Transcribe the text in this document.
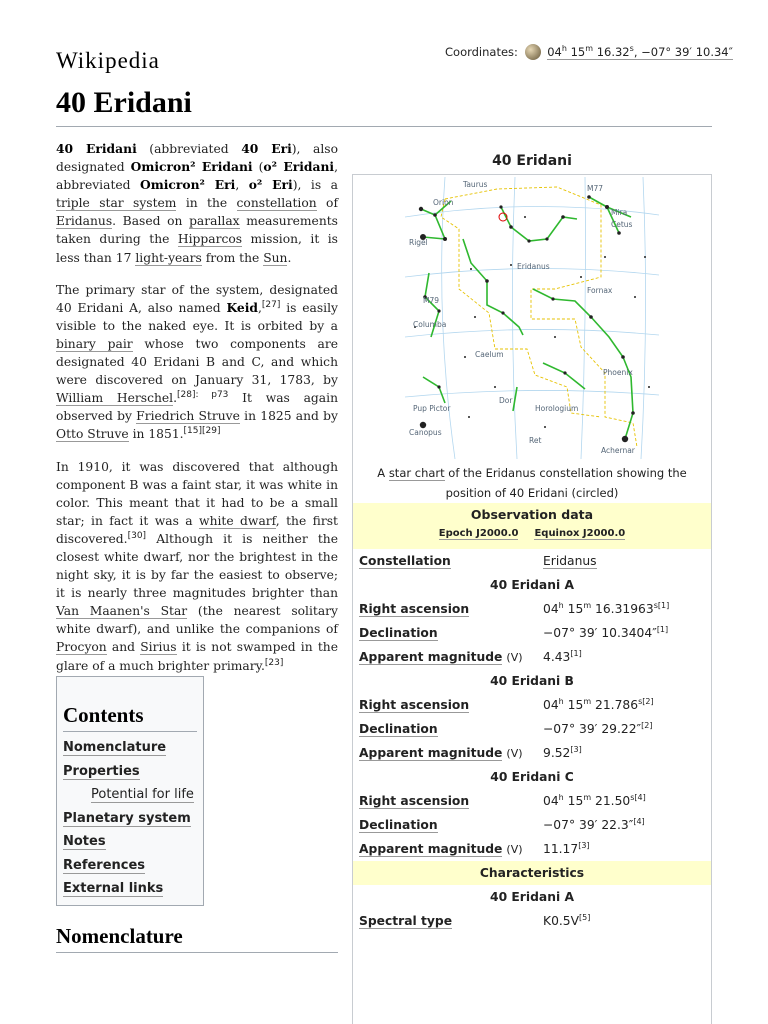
Wikipedia	Coordinates:	04$^h$ 15$^m$ $16.32^s$, −07° 39′ 10.34″
40 Eridani

40 Eridani (abbreviated 40 Eri), also designated Omicron² Eridani (ο² Eridani, abbreviated Omicron² Eri, ο² Eri), is a triple star system in the constellation of Eridanus. Based on parallax measurements taken during the Hipparcos mission, it is less than 17 light-years from the Sun.

The primary star of the system, designated 40 Eridani A, also named Keid,[27] is easily visible to the naked eye. It is orbited by a binary pair whose two components are designated 40 Eridani B and C, and which were discovered on January 31, 1783, by William Herschel.$^{[28]: p73}$ It was again observed by Friedrich Struve in 1825 and by Otto Struve in 1851.[15][29]

In 1910, it was discovered that although component B was a faint star, it was white in color. This meant that it had to be a small star; in fact it was a white dwarf, the first discovered.[30] Although it is neither the closest white dwarf, nor the brightest in the night sky, it is by far the easiest to observe; it is nearly three magnitudes brighter than Van Maanen's Star (the nearest solitary white dwarf), and unlike the companions of Procyon and Sirius it is not swamped in the glare of a much brighter primary.[23]

Contents
Nomenclature
Properties
Potential for life
Planetary system
Notes
References
External links
Nomenclature
40 Eridani
Taurus
Orion
M77
Mira
Cetus
Rigel
Eridanus
M79
Fornax
Columba
Caelum
Phoenix
Pup Pictor
Dor
Horologium
Canopus
Ret
Achernar
A star chart of the Eridanus constellation showing the position of 40 Eridani (circled)
Observation data
Epoch J2000.0 Equinox J2000.0
Constellation	Eridanus
40 Eridani A
Right ascension	04$^h$ 15$^m$ 16.31963$^{s[1]}$
Declination	−07° 39′ 10.3404″[1]
Apparent magnitude (V) 4.43[1]
40 Eridani B
Right ascension	04$^h$ 15$^m$ 21.786$^{s[2]}$
Declination	−07° 39′ 29.22″[2]
Apparent magnitude (V) 9.52[3]
40 Eridani C
Right ascension	04$^h$ 15$^m$ 21.50$^{s[4]}$
Declination	−07° 39′ 22.3″[4]
Apparent magnitude (V) 11.17[3]
Characteristics
40 Eridani A
Spectral type	K0.5V[5]
